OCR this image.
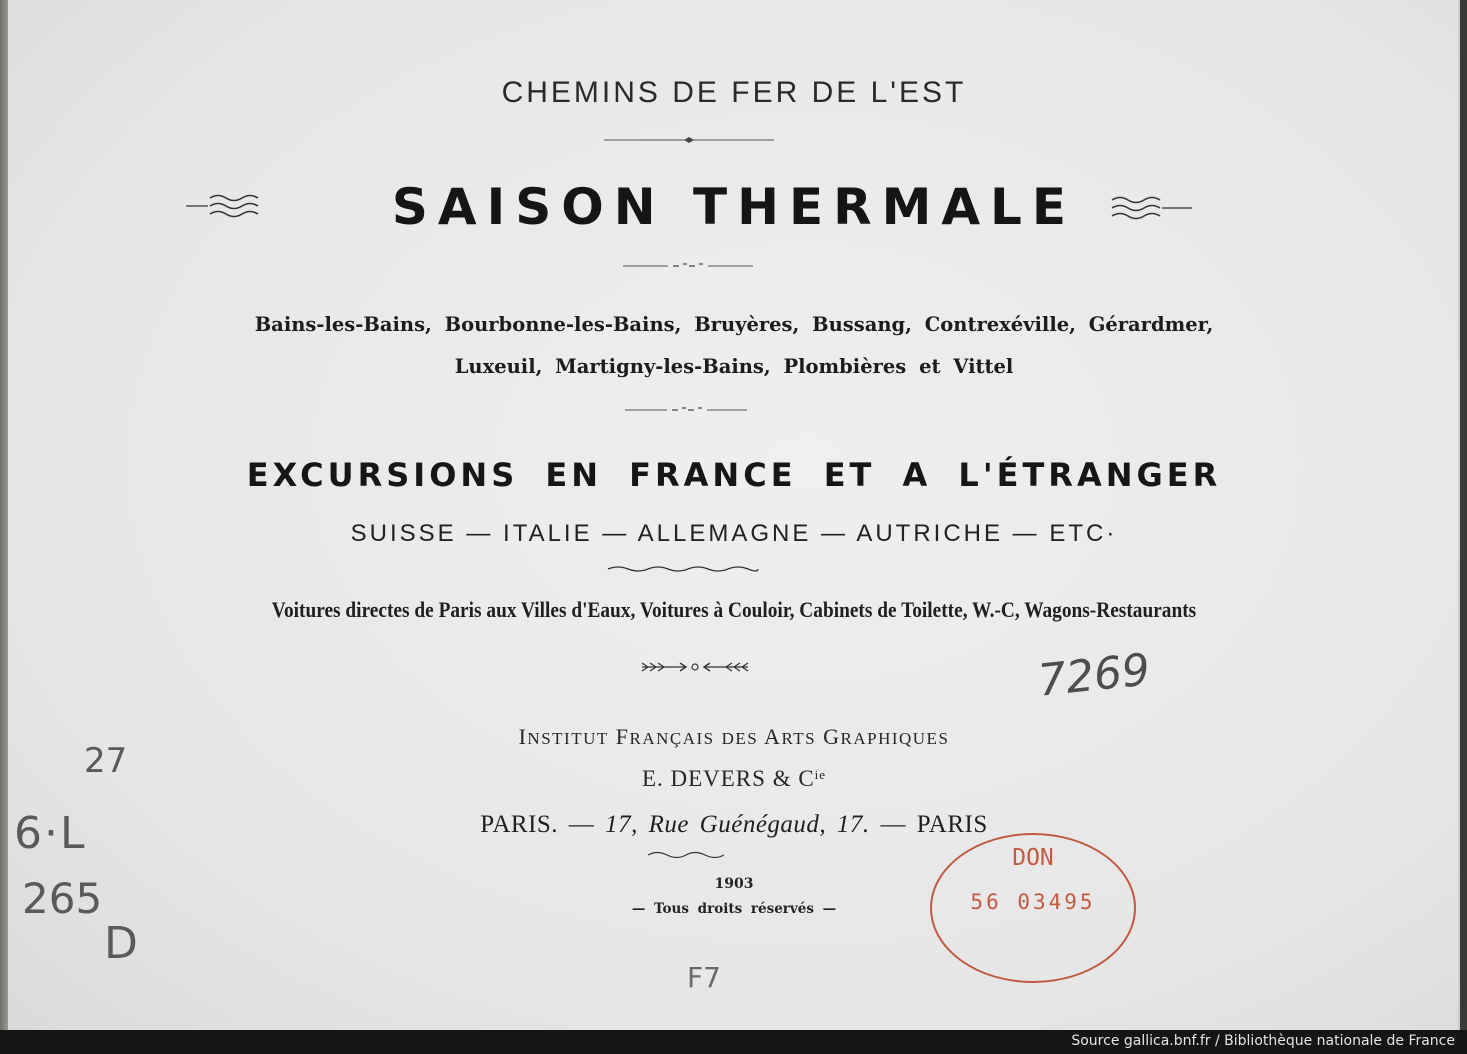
CHEMINS DE FER DE L'EST
SAISON THERMALE
Bains-les-Bains, Bourbonne-les-Bains, Bruyères, Bussang, Contrexéville, Gérardmer,
Luxeuil, Martigny-les-Bains, Plombières et Vittel
EXCURSIONS EN FRANCE ET A L'ÉTRANGER
SUISSE — ITALIE — ALLEMAGNE — AUTRICHE — ETC·
Voitures directes de Paris aux Villes d'Eaux, Voitures à Couloir, Cabinets de Toilette, W.-C, Wagons-Restaurants
INSTITUT FRANÇAIS DES ARTS GRAPHIQUES
E. DEVERS & $C^{ie}$
PARIS. — 17, Rue Guénégaud, 17. — PARIS
1903
— Tous droits réservés —
6·L
27
265
D
7269
F7
DON
56 03495
Source gallica.bnf.fr / Bibliothèque nationale de France
